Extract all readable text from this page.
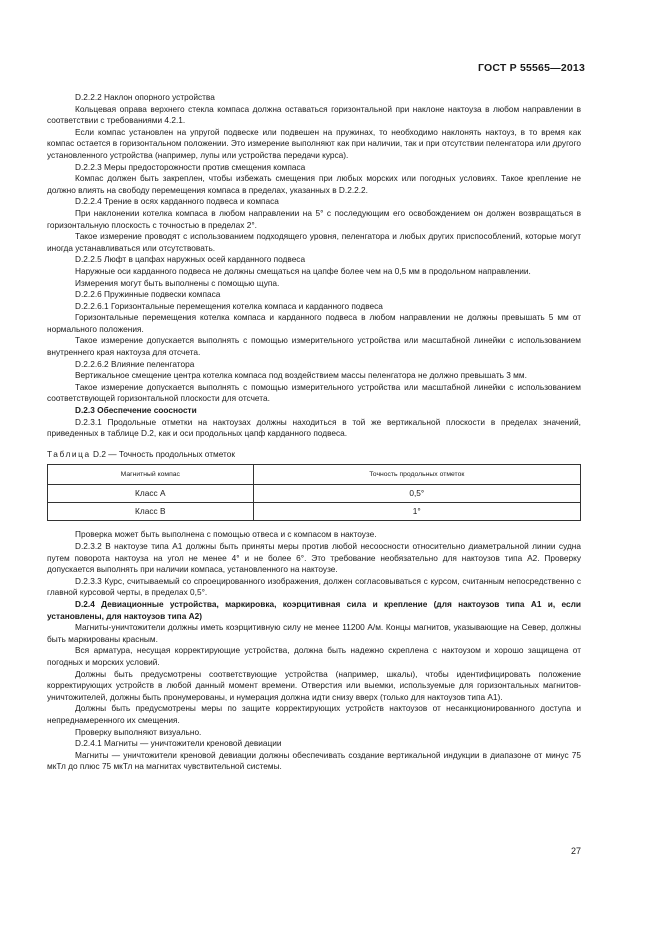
ГОСТ Р 55565—2013

D.2.2.2 Наклон опорного устройства

Кольцевая оправа верхнего стекла компаса должна оставаться горизонтальной при наклоне нактоуза в любом направлении в соответствии с требованиями 4.2.1.

Если компас установлен на упругой подвеске или подвешен на пружинах, то необходимо наклонять нактоуз, в то время как компас остается в горизонтальном положении. Это измерение выполняют как при наличии, так и при отсутствии пеленгатора или другого установленного устройства (например, лупы или устройства передачи курса).

D.2.2.3 Меры предосторожности против смещения компаса

Компас должен быть закреплен, чтобы избежать смещения при любых морских или погодных условиях. Такое крепление не должно влиять на свободу перемещения компаса в пределах, указанных в D.2.2.2.

D.2.2.4 Трение в осях карданного подвеса и компаса

При наклонении котелка компаса в любом направлении на 5° с последующим его освобождением он должен возвращаться в горизонтальную плоскость с точностью в пределах 2°.

Такое измерение проводят с использованием подходящего уровня, пеленгатора и любых других приспособлений, которые могут иногда устанавливаться или отсутствовать.

D.2.2.5 Люфт в цапфах наружных осей карданного подвеса

Наружные оси карданного подвеса не должны смещаться на цапфе более чем на 0,5 мм в продольном направлении.

Измерения могут быть выполнены с помощью щупа.

D.2.2.6 Пружинные подвески компаса

D.2.2.6.1 Горизонтальные перемещения котелка компаса и карданного подвеса

Горизонтальные перемещения котелка компаса и карданного подвеса в любом направлении не должны превышать 5 мм от нормального положения.

Такое измерение допускается выполнять с помощью измерительного устройства или масштабной линейки с использованием внутреннего края нактоуза для отсчета.

D.2.2.6.2 Влияние пеленгатора

Вертикальное смещение центра котелка компаса под воздействием массы пеленгатора не должно превышать 3 мм.

Такое измерение допускается выполнять с помощью измерительного устройства или масштабной линейки с использованием соответствующей горизонтальной плоскости для отсчета.

D.2.3 Обеспечение соосности

D.2.3.1 Продольные отметки на нактоузах должны находиться в той же вертикальной плоскости в пределах значений, приведенных в таблице D.2, как и оси продольных цапф карданного подвеса.

Таблица D.2 — Точность продольных отметок

Магнитный компас	Точность продольных отметок
Класс А	0,5°
Класс В	1°

Проверка может быть выполнена с помощью отвеса и с компасом в нактоузе.

D.2.3.2 В нактоузе типа А1 должны быть приняты меры против любой несоосности относительно диаметральной линии судна путем поворота нактоуза на угол не менее 4° и не более 6°. Это требование необязательно для нактоузов типа А2. Проверку допускается выполнять при наличии компаса, установленного на нактоузе.

D.2.3.3 Курс, считываемый со спроецированного изображения, должен согласовываться с курсом, считанным непосредственно с главной курсовой черты, в пределах 0,5°.

D.2.4 Девиационные устройства, маркировка, коэрцитивная сила и крепление (для нактоузов типа А1 и, если установлены, для нактоузов типа А2)

Магниты-уничтожители должны иметь коэрцитивную силу не менее 11200 А/м. Концы магнитов, указывающие на Север, должны быть маркированы красным.

Вся арматура, несущая корректирующие устройства, должна быть надежно скреплена с нактоузом и хорошо защищена от погодных и морских условий.

Должны быть предусмотрены соответствующие устройства (например, шкалы), чтобы идентифицировать положение корректирующих устройств в любой данный момент времени. Отверстия или выемки, используемые для горизонтальных магнитов-уничтожителей, должны быть пронумерованы, и нумерация должна идти снизу вверх (только для нактоузов типа А1).

Должны быть предусмотрены меры по защите корректирующих устройств нактоузов от несанкционированного доступа и непреднамеренного их смещения.

Проверку выполняют визуально.

D.2.4.1 Магниты — уничтожители креновой девиации

Магниты — уничтожители креновой девиации должны обеспечивать создание вертикальной индукции в диапазоне от минус 75 мкТл до плюс 75 мкТл на магнитах чувствительной системы.

27
